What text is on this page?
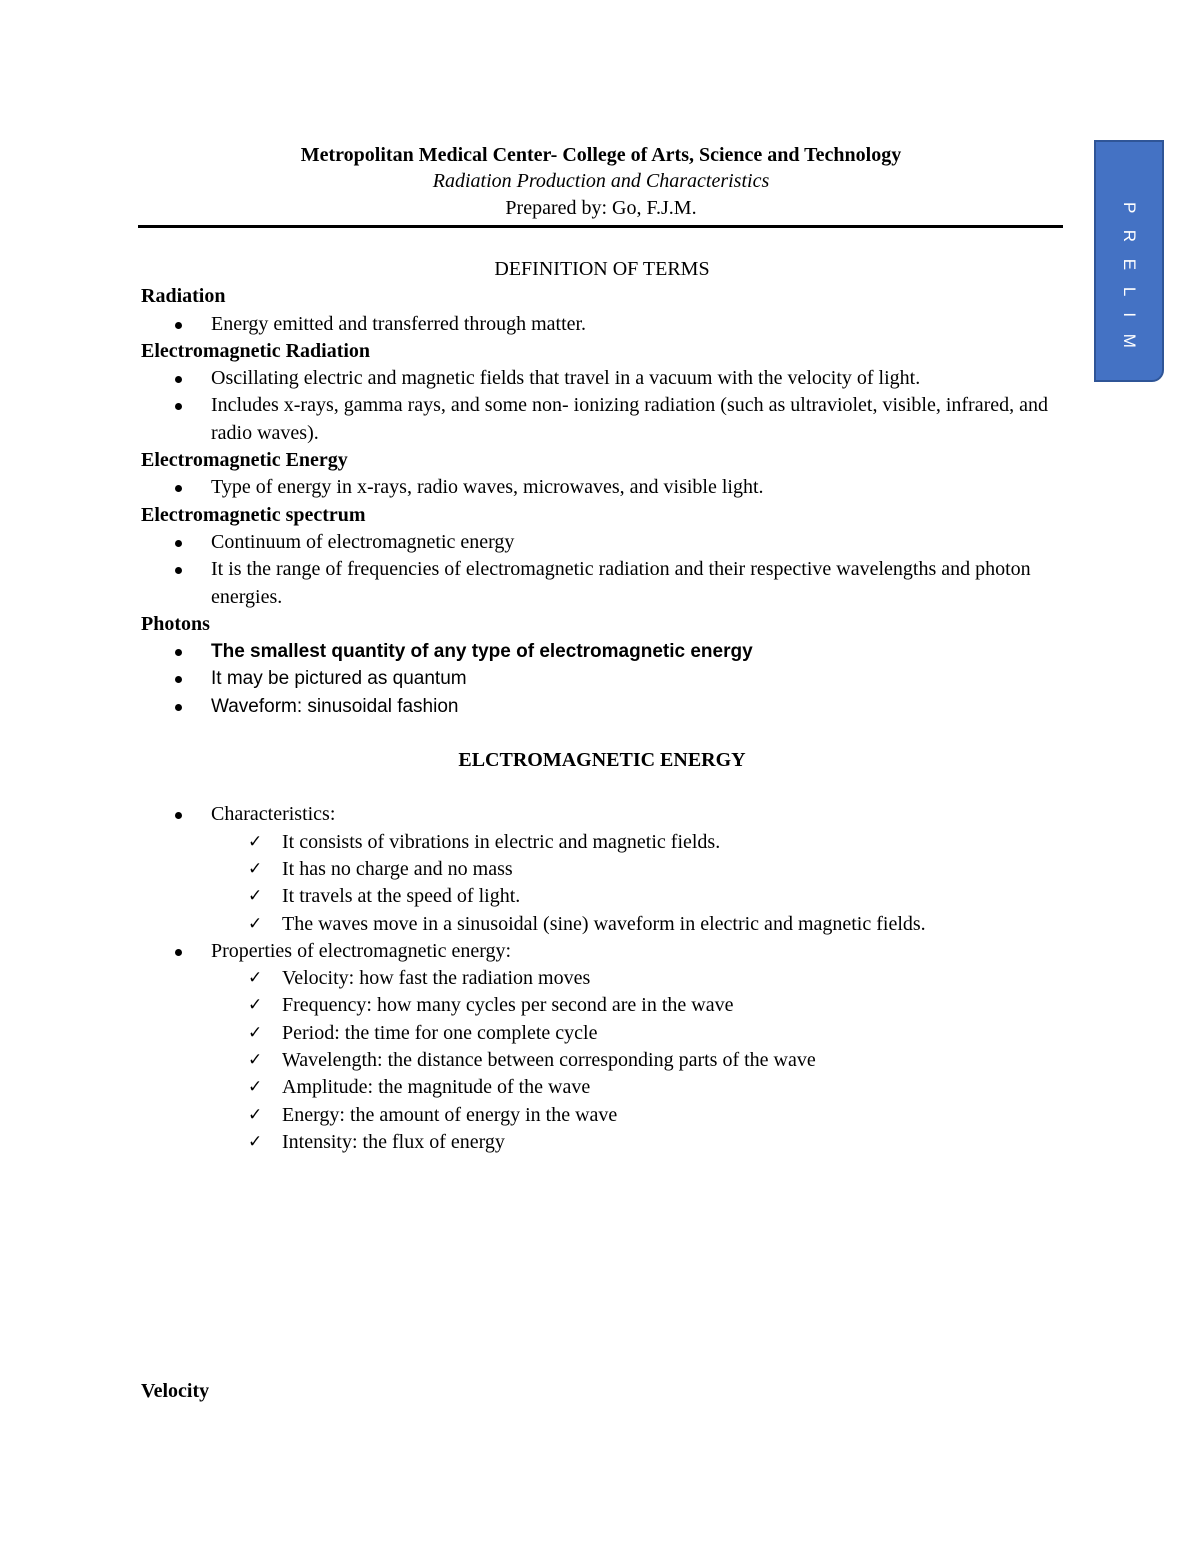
Metropolitan Medical Center- College of Arts, Science and Technology
Radiation Production and Characteristics
Prepared by: Go, F.J.M.	P R E L I M
DEFINITION OF TERMS
Radiation
Energy emitted and transferred through matter.
Electromagnetic Radiation
Oscillating electric and magnetic fields that travel in a vacuum with the velocity of light.
Includes x-rays, gamma rays, and some non- ionizing radiation (such as ultraviolet, visible, infrared, and radio waves).
Electromagnetic Energy
Type of energy in x-rays, radio waves, microwaves, and visible light.
Electromagnetic spectrum
Continuum of electromagnetic energy
It is the range of frequencies of electromagnetic radiation and their respective wavelengths and photon energies.
Photons
The smallest quantity of any type of electromagnetic energy
It may be pictured as quantum
Waveform: sinusoidal fashion
ELCTROMAGNETIC ENERGY
Characteristics:
✓ It consists of vibrations in electric and magnetic fields.
✓ It has no charge and no mass
✓ It travels at the speed of light.
✓ The waves move in a sinusoidal (sine) waveform in electric and magnetic fields.
Properties of electromagnetic energy:
✓ Velocity: how fast the radiation moves
✓ Frequency: how many cycles per second are in the wave
✓ Period: the time for one complete cycle
✓ Wavelength: the distance between corresponding parts of the wave
✓ Amplitude: the magnitude of the wave
✓ Energy: the amount of energy in the wave
✓ Intensity: the flux of energy
Velocity
